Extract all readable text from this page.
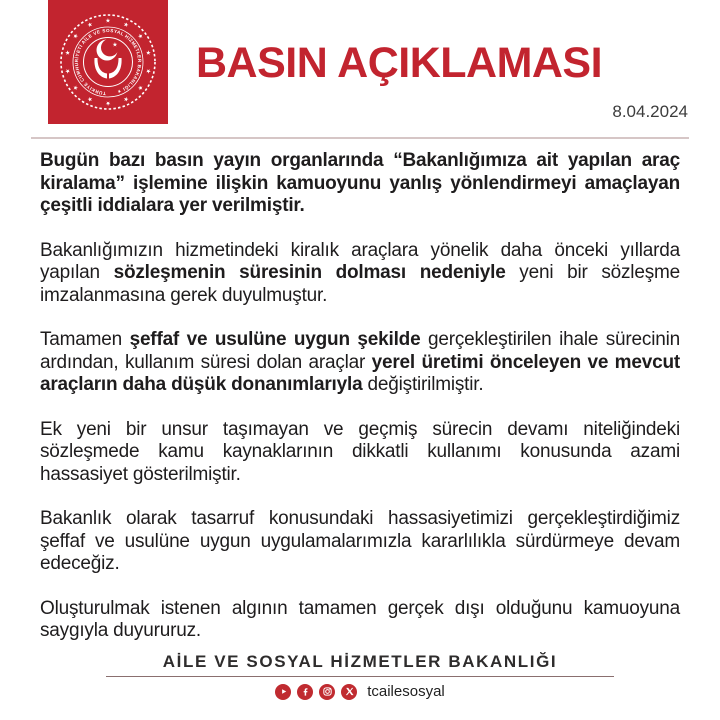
★
★
★
★
★
★
★
★
★
★
★
★
★
★
TÜRKİYE CUMHURİYETİ AİLE VE SOSYAL HİZMETLER BAKANLIĞI ★
★ BASIN AÇIKLAMASI
8.04.2024

Bugün bazı basın yayın organlarında “Bakanlığımıza ait yapılan araç kiralama” işlemine ilişkin kamuoyunu yanlış yönlendirmeyi amaçlayan çeşitli iddialara yer verilmiştir.

Bakanlığımızın hizmetindeki kiralık araçlara yönelik daha önceki yıllarda yapılan sözleşmenin süresinin dolması nedeniyle yeni bir sözleşme imzalanmasına gerek duyulmuştur.

Tamamen şeffaf ve usulüne uygun şekilde gerçekleştirilen ihale sürecinin ardından, kullanım süresi dolan araçlar yerel üretimi önceleyen ve mevcut araçların daha düşük donanımlarıyla değiştirilmiştir.

Ek yeni bir unsur taşımayan ve geçmiş sürecin devamı niteliğindeki sözleşmede kamu kaynaklarının dikkatli kullanımı konusunda azami hassasiyet gösterilmiştir.

Bakanlık olarak tasarruf konusundaki hassasiyetimizi gerçekleştirdiğimiz şeffaf ve usulüne uygun uygulamalarımızla kararlılıkla sürdürmeye devam edeceğiz.

Oluşturulmak istenen algının tamamen gerçek dışı olduğunu kamuoyuna saygıyla duyururuz.

AİLE VE SOSYAL HİZMETLER BAKANLIĞI
tcailesosyal
